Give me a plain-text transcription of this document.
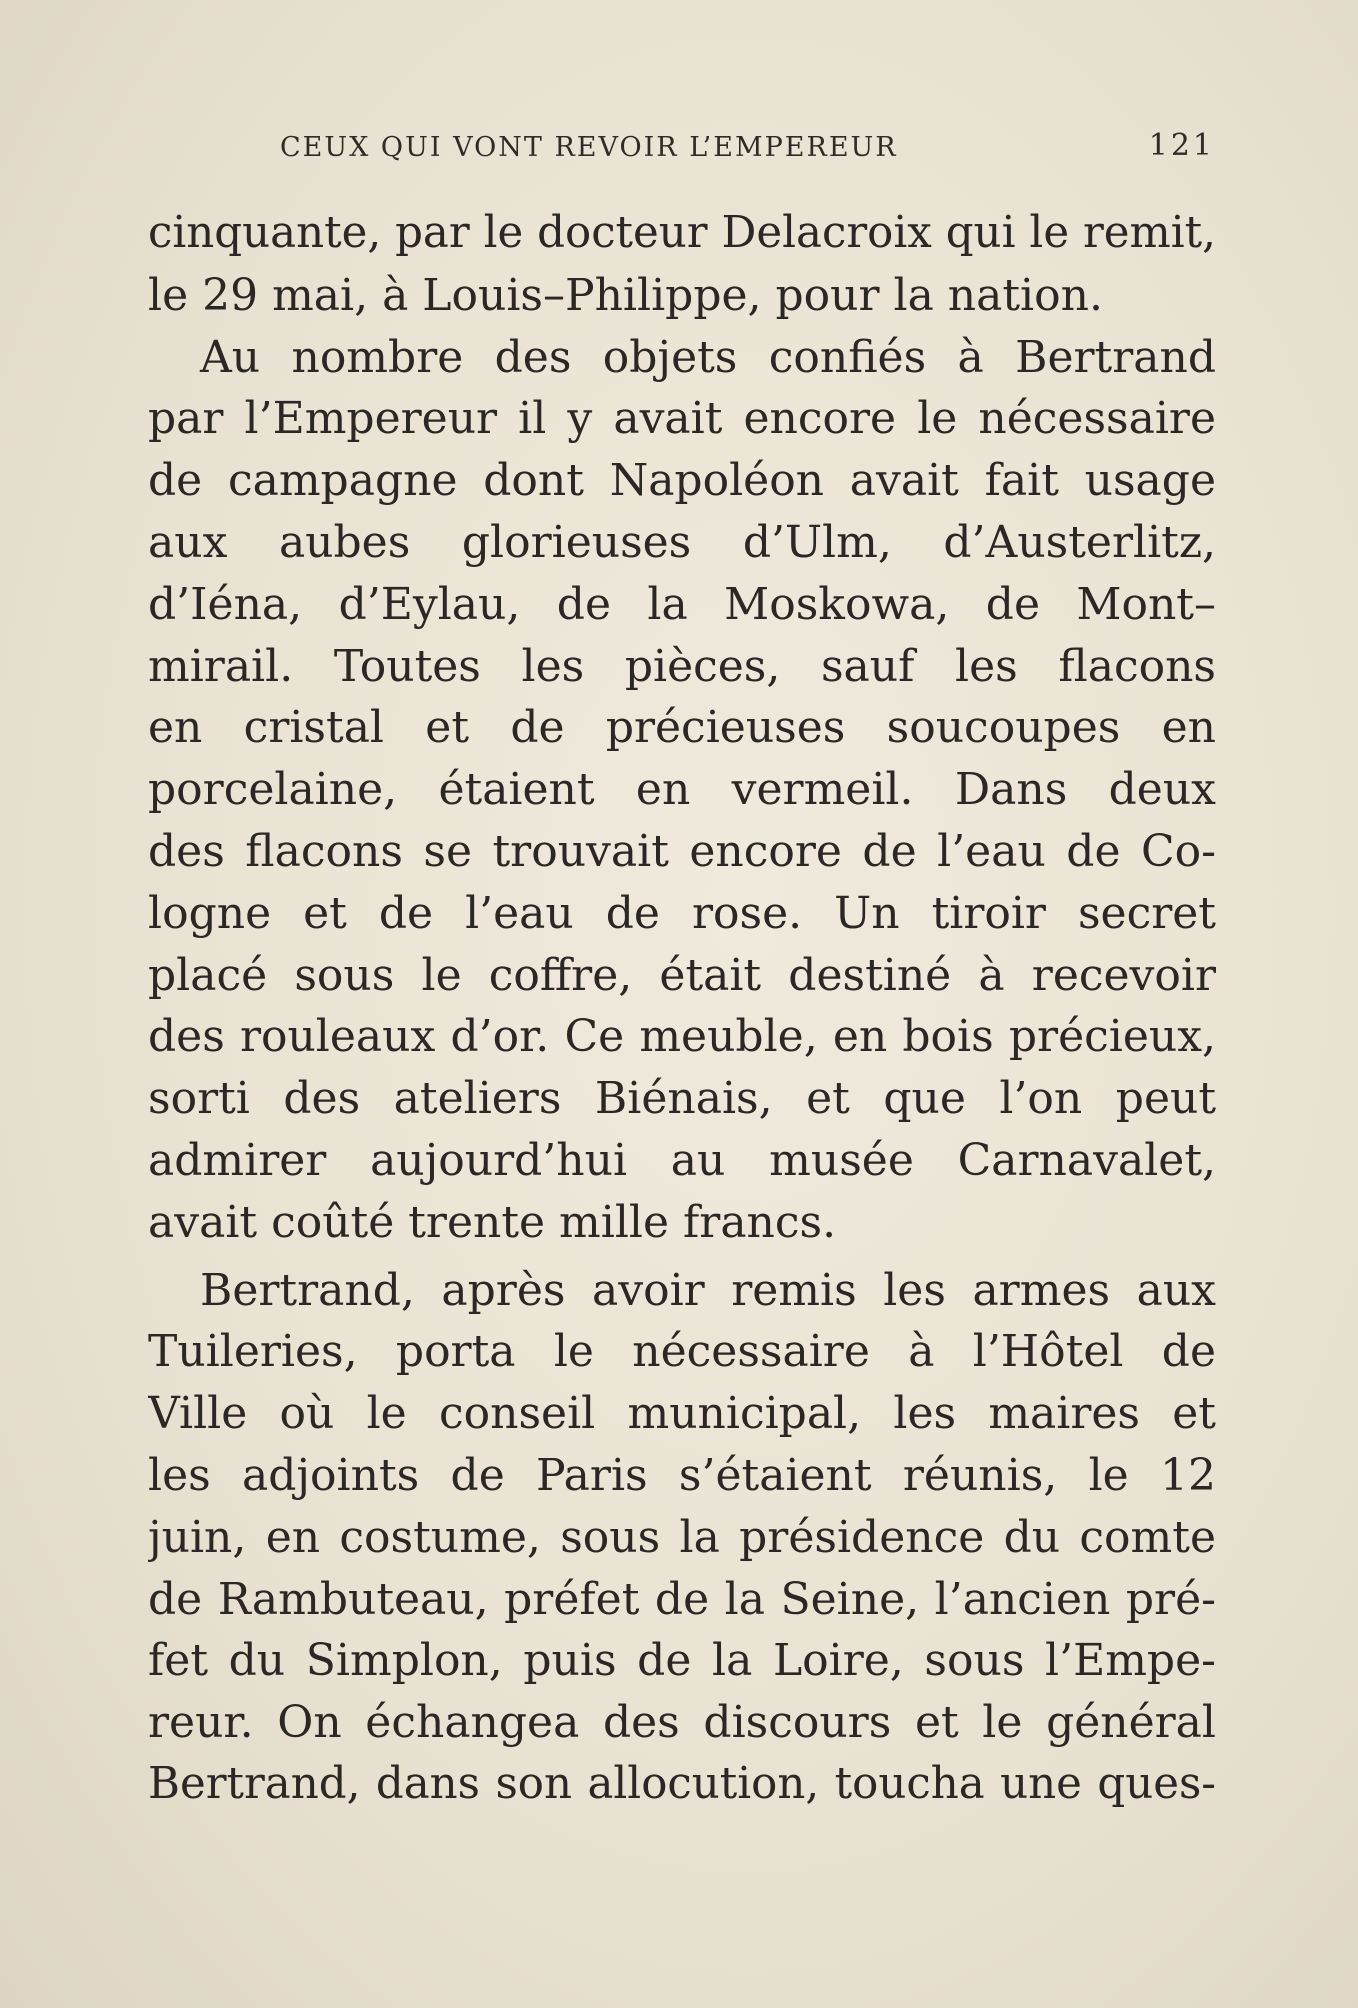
CEUX QUI VONT REVOIR L’EMPEREUR	121
cinquante, par le docteur Delacroix qui le remit,
le 29 mai, à Louis–Philippe, pour la nation.
Au nombre des objets confiés à Bertrand
par l’Empereur il y avait encore le nécessaire
de campagne dont Napoléon avait fait usage
aux aubes glorieuses d’Ulm, d’Austerlitz,
d’Iéna, d’Eylau, de la Moskowa, de Mont–
mirail. Toutes les pièces, sauf les flacons
en cristal et de précieuses soucoupes en
porcelaine, étaient en vermeil. Dans deux
des flacons se trouvait encore de l’eau de Co-
logne et de l’eau de rose. Un tiroir secret
placé sous le coffre, était destiné à recevoir
des rouleaux d’or. Ce meuble, en bois précieux,
sorti des ateliers Biénais, et que l’on peut
admirer aujourd’hui au musée Carnavalet,
avait coûté trente mille francs.
Bertrand, après avoir remis les armes aux
Tuileries, porta le nécessaire à l’Hôtel de
Ville où le conseil municipal, les maires et
les adjoints de Paris s’étaient réunis, le 12
juin, en costume, sous la présidence du comte
de Rambuteau, préfet de la Seine, l’ancien pré-
fet du Simplon, puis de la Loire, sous l’Empe-
reur. On échangea des discours et le général
Bertrand, dans son allocution, toucha une ques-
